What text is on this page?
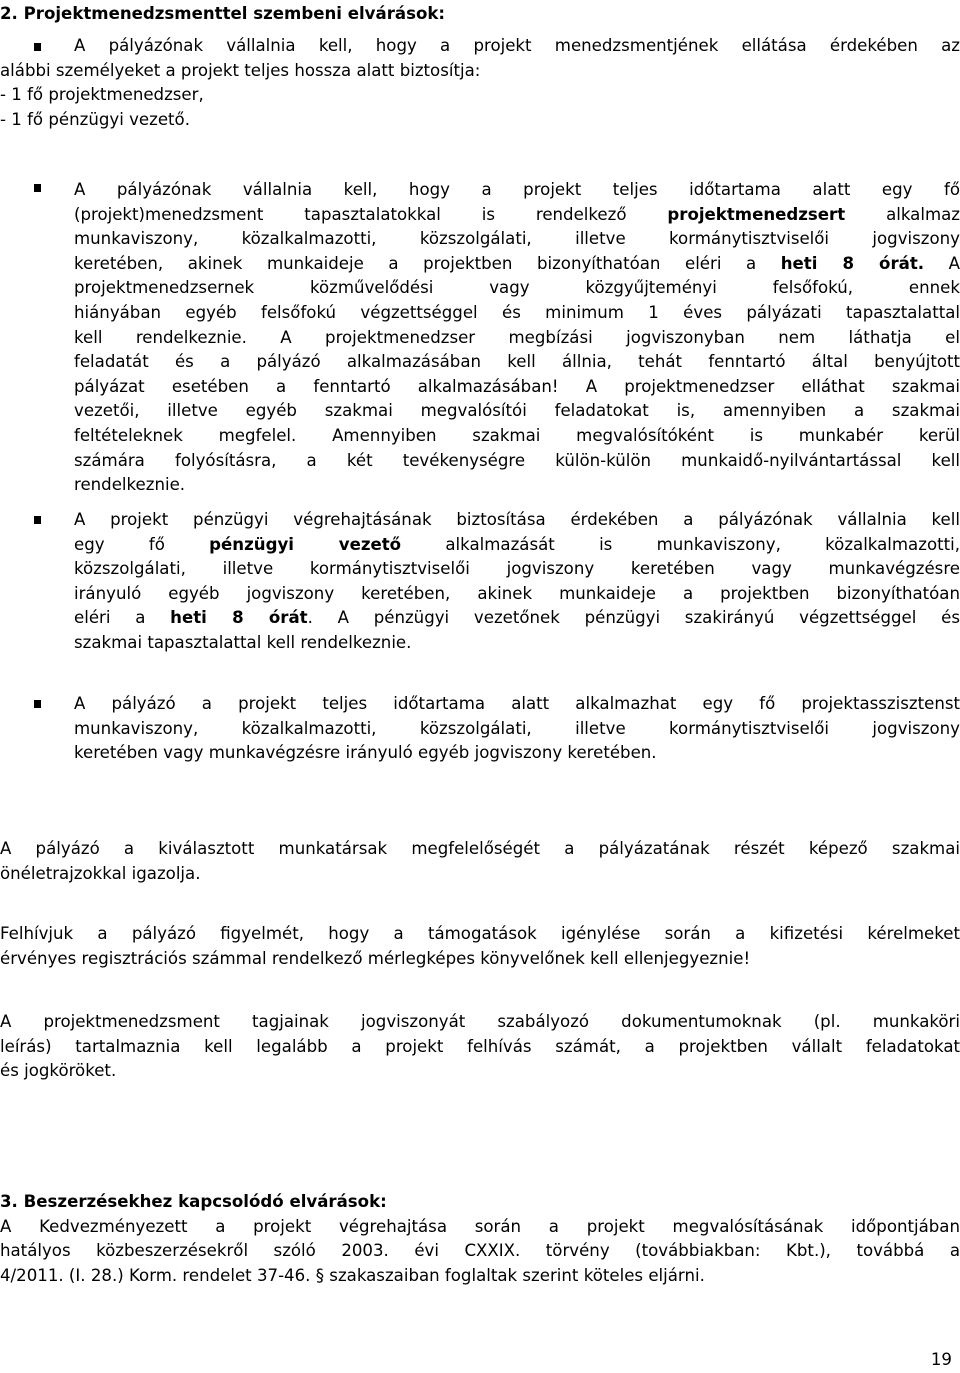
2. Projektmenedzsmenttel szembeni elvárások:
A pályázónak vállalnia kell, hogy a projekt menedzsmentjének ellátása érdekében az
alábbi személyeket a projekt teljes hossza alatt biztosítja:
- 1 fő projektmenedzser,
- 1 fő pénzügyi vezető.
A pályázónak vállalnia kell, hogy a projekt teljes időtartama alatt egy fő
(projekt)menedzsment tapasztalatokkal is rendelkező projektmenedzsert alkalmaz
munkaviszony, közalkalmazotti, közszolgálati, illetve kormánytisztviselői jogviszony
keretében, akinek munkaideje a projektben bizonyíthatóan eléri a heti 8 órát. A
projektmenedzsernek közművelődési vagy közgyűjteményi felsőfokú, ennek
hiányában egyéb felsőfokú végzettséggel és minimum 1 éves pályázati tapasztalattal
kell rendelkeznie. A projektmenedzser megbízási jogviszonyban nem láthatja el
feladatát és a pályázó alkalmazásában kell állnia, tehát fenntartó által benyújtott
pályázat esetében a fenntartó alkalmazásában! A projektmenedzser elláthat szakmai
vezetői, illetve egyéb szakmai megvalósítói feladatokat is, amennyiben a szakmai
feltételeknek megfelel. Amennyiben szakmai megvalósítóként is munkabér kerül
számára folyósításra, a két tevékenységre külön-külön munkaidő-nyilvántartással kell
rendelkeznie.
A projekt pénzügyi végrehajtásának biztosítása érdekében a pályázónak vállalnia kell
egy fő	pénzügyi vezető	alkalmazását is munkaviszony, közalkalmazotti,
közszolgálati, illetve kormánytisztviselői jogviszony keretében vagy munkavégzésre
irányuló egyéb jogviszony keretében, akinek munkaideje a projektben bizonyíthatóan
eléri a heti 8 órát. A pénzügyi vezetőnek pénzügyi szakirányú végzettséggel és
szakmai tapasztalattal kell rendelkeznie.
A pályázó a projekt teljes időtartama alatt alkalmazhat egy fő projektasszisztenst
munkaviszony, közalkalmazotti, közszolgálati, illetve kormánytisztviselői jogviszony
keretében vagy munkavégzésre irányuló egyéb jogviszony keretében.
A pályázó a kiválasztott munkatársak megfelelőségét a pályázatának részét képező szakmai
önéletrajzokkal igazolja.
Felhívjuk a pályázó figyelmét, hogy a támogatások igénylése során a kifizetési kérelmeket
érvényes regisztrációs számmal rendelkező mérlegképes könyvelőnek kell ellenjegyeznie!
A projektmenedzsment tagjainak jogviszonyát szabályozó dokumentumoknak (pl. munkaköri
leírás) tartalmaznia kell legalább a projekt felhívás számát, a projektben vállalt feladatokat
és jogköröket.
3. Beszerzésekhez kapcsolódó elvárások:
A Kedvezményezett a projekt végrehajtása során a projekt megvalósításának időpontjában
hatályos közbeszerzésekről szóló 2003. évi CXXIX. törvény (továbbiakban: Kbt.), továbbá a
4/2011. (I. 28.) Korm. rendelet 37-46. § szakaszaiban foglaltak szerint köteles eljárni.
19
